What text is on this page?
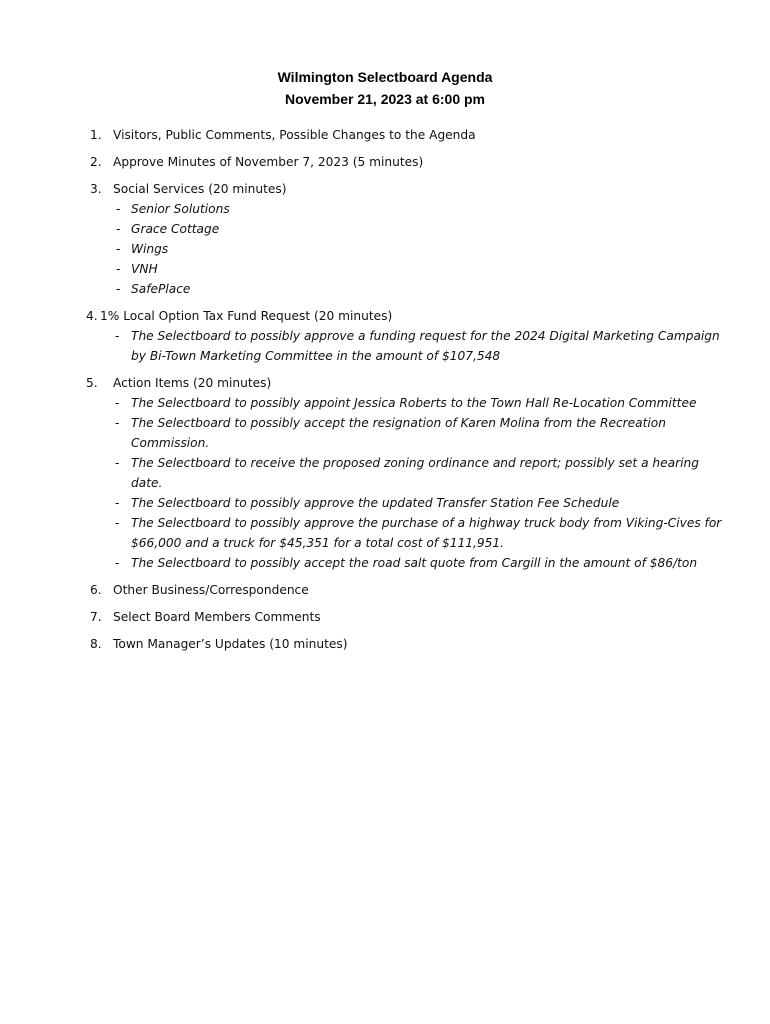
Wilmington Selectboard Agenda
November 21, 2023 at 6:00 pm
1. Visitors, Public Comments, Possible Changes to the Agenda
2. Approve Minutes of November 7, 2023 (5 minutes)
3. Social Services (20 minutes)
- Senior Solutions
- Grace Cottage
- Wings
- VNH
- SafePlace
4. 1% Local Option Tax Fund Request (20 minutes)
- The Selectboard to possibly approve a funding request for the 2024 Digital Marketing Campaign by Bi-Town Marketing Committee in the amount of $107,548
5.	Action Items (20 minutes)
- The Selectboard to possibly appoint Jessica Roberts to the Town Hall Re-Location Committee
- The Selectboard to possibly accept the resignation of Karen Molina from the Recreation Commission.
- The Selectboard to receive the proposed zoning ordinance and report; possibly set a hearing date.
- The Selectboard to possibly approve the updated Transfer Station Fee Schedule
- The Selectboard to possibly approve the purchase of a highway truck body from Viking-Cives for $66,000 and a truck for $45,351 for a total cost of $111,951.
- The Selectboard to possibly accept the road salt quote from Cargill in the amount of $86/ton
6. Other Business/Correspondence
7. Select Board Members Comments
8. Town Manager’s Updates (10 minutes)
